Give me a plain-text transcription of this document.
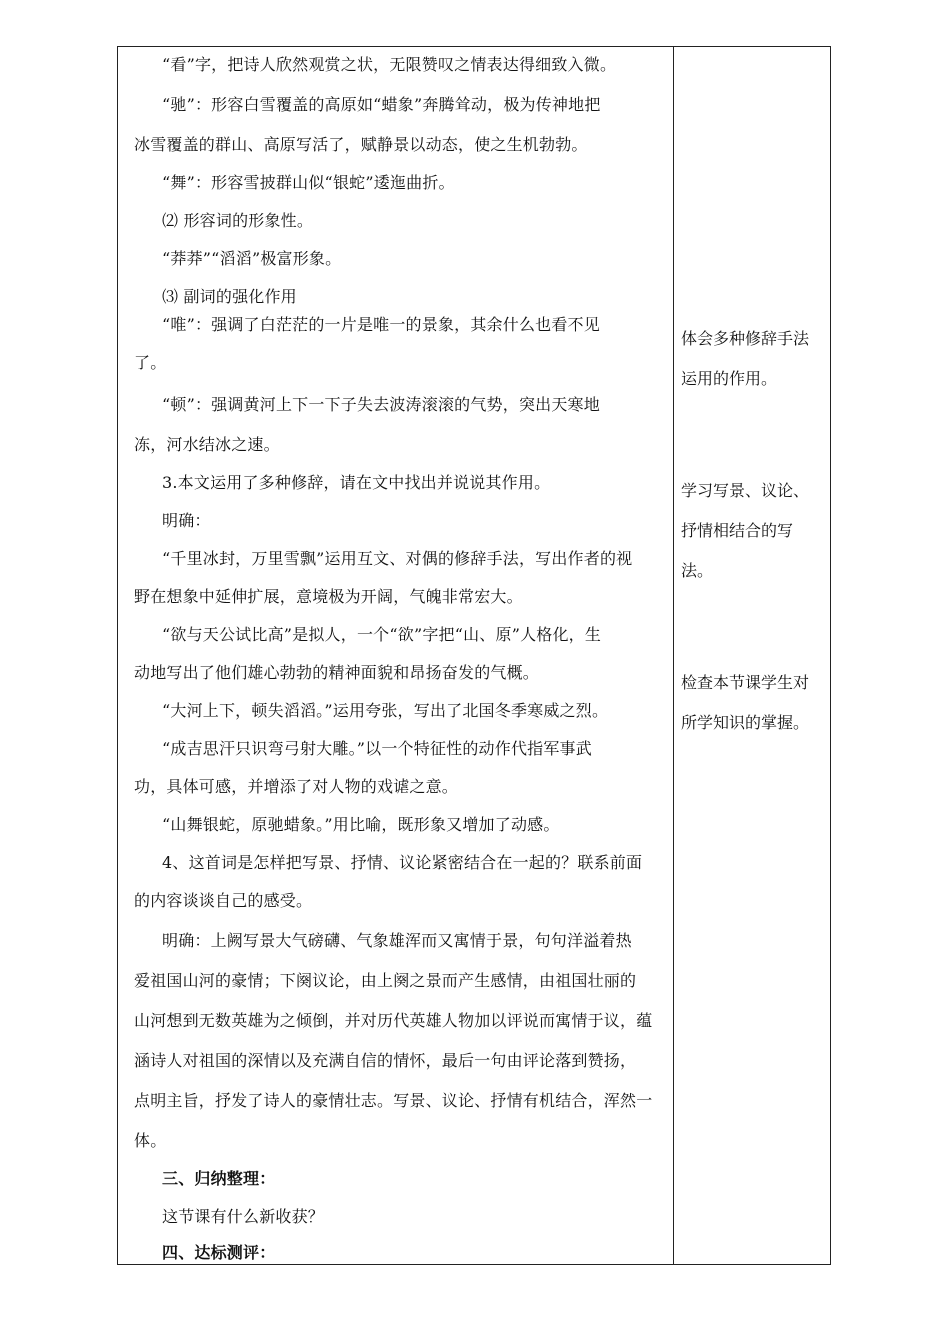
“看”字，把诗人欣然观赏之状，无限赞叹之情表达得细致入微。
“驰”：形容白雪覆盖的高原如“蜡象”奔腾耸动，极为传神地把
冰雪覆盖的群山、高原写活了，赋静景以动态，使之生机勃勃。
“舞”：形容雪披群山似“银蛇”逶迤曲折。
⑵ 形容词的形象性。
“莽莽”“滔滔”极富形象。
⑶ 副词的强化作用
“唯”：强调了白茫茫的一片是唯一的景象，其余什么也看不见
了。
“顿”：强调黄河上下一下子失去波涛滚滚的气势，突出天寒地
冻，河水结冰之速。
3.本文运用了多种修辞，请在文中找出并说说其作用。
明确：
“千里冰封，万里雪飘”运用互文、对偶的修辞手法，写出作者的视
野在想象中延伸扩展，意境极为开阔，气魄非常宏大。
“欲与天公试比高”是拟人，一个“欲”字把“山、原”人格化，生
动地写出了他们雄心勃勃的精神面貌和昂扬奋发的气概。
“大河上下，顿失滔滔。”运用夸张，写出了北国冬季寒威之烈。
“成吉思汗只识弯弓射大雕。”以一个特征性的动作代指军事武
功，具体可感，并增添了对人物的戏谑之意。
“山舞银蛇，原驰蜡象。”用比喻，既形象又增加了动感。
4、这首词是怎样把写景、抒情、议论紧密结合在一起的？联系前面
的内容谈谈自己的感受。
明确：上阙写景大气磅礴、气象雄浑而又寓情于景，句句洋溢着热
爱祖国山河的豪情；下阕议论，由上阕之景而产生感情，由祖国壮丽的
山河想到无数英雄为之倾倒，并对历代英雄人物加以评说而寓情于议，蕴
涵诗人对祖国的深情以及充满自信的情怀，最后一句由评论落到赞扬，
点明主旨，抒发了诗人的豪情壮志。写景、议论、抒情有机结合，浑然一
体。
三、归纳整理：
这节课有什么新收获？
四、达标测评：
体会多种修辞手法
运用的作用。
学习写景、议论、
抒情相结合的写
法。
检查本节课学生对
所学知识的掌握。
